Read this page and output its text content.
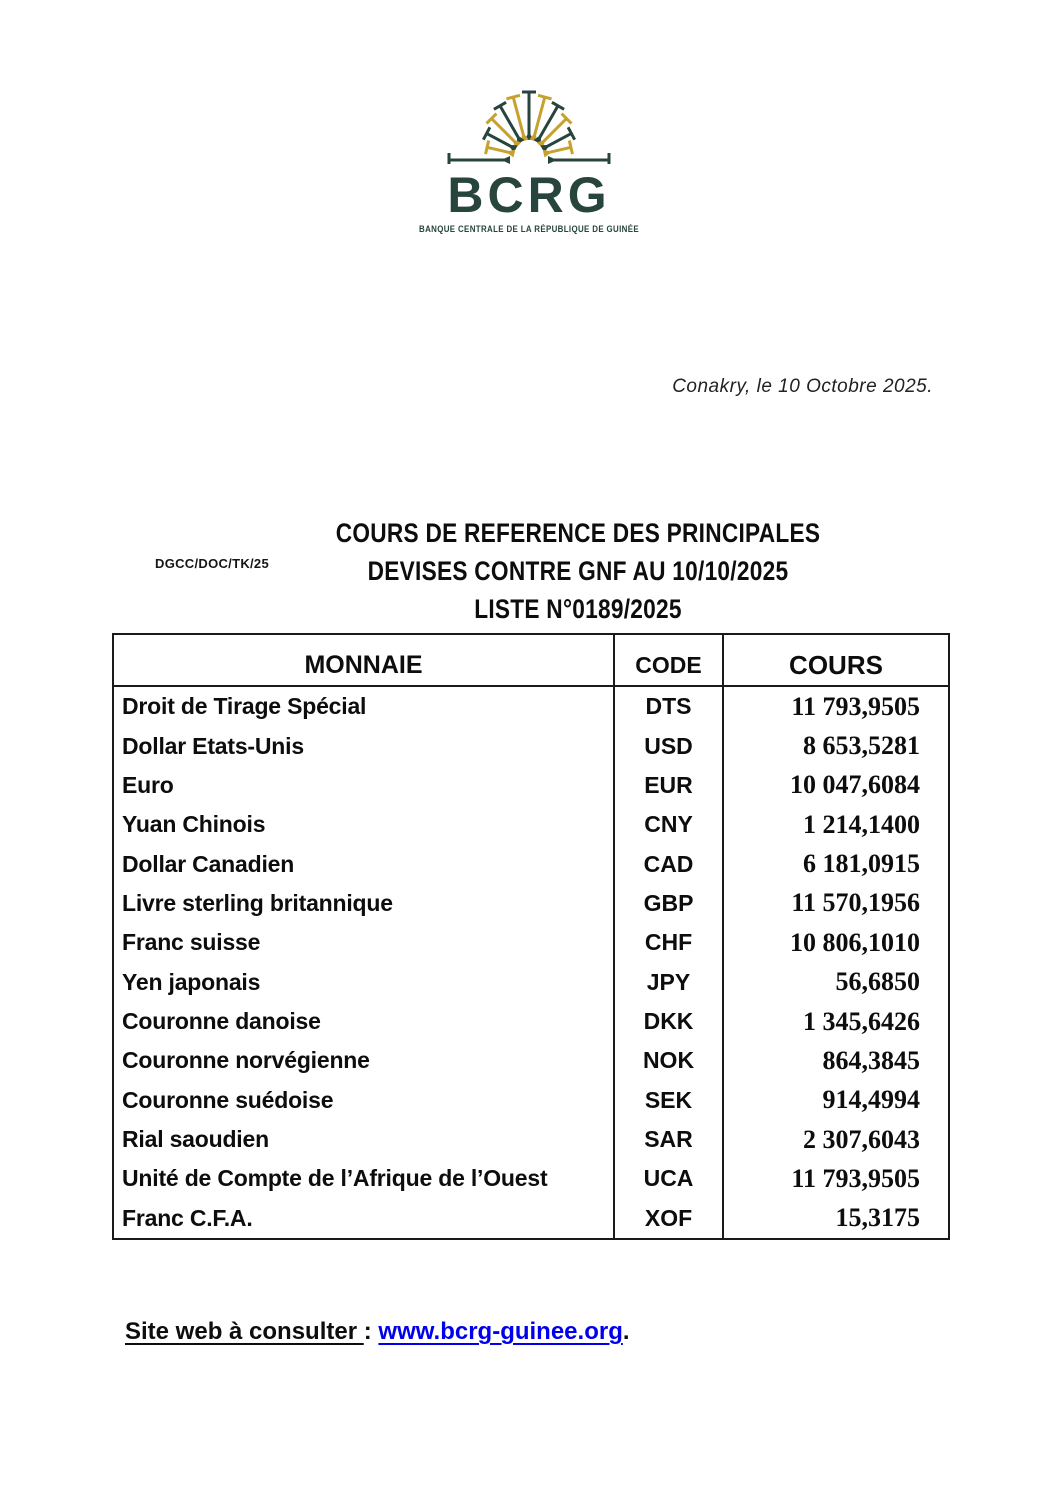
BCRG
BANQUE CENTRALE DE LA RÉPUBLIQUE DE GUINÉE
Conakry, le 10 Octobre 2025.
DGCC/DOC/TK/25
COURS DE REFERENCE DES PRINCIPALES
DEVISES CONTRE GNF AU 10/10/2025
LISTE N°0189/2025
MONNAIE	CODE	COURS
Droit de Tirage Spécial	DTS	11 793,9505
Dollar Etats-Unis	USD	8 653,5281
Euro	EUR	10 047,6084
Yuan Chinois	CNY	1 214,1400
Dollar Canadien	CAD	6 181,0915
Livre sterling britannique	GBP	11 570,1956
Franc suisse	CHF	10 806,1010
Yen japonais	JPY	56,6850
Couronne danoise	DKK	1 345,6426
Couronne norvégienne	NOK	864,3845
Couronne suédoise	SEK	914,4994
Rial saoudien	SAR	2 307,6043
Unité de Compte de l’Afrique de l’Ouest	UCA	11 793,9505
Franc C.F.A.	XOF	15,3175
Site web à consulter : www.bcrg-guinee.org.
